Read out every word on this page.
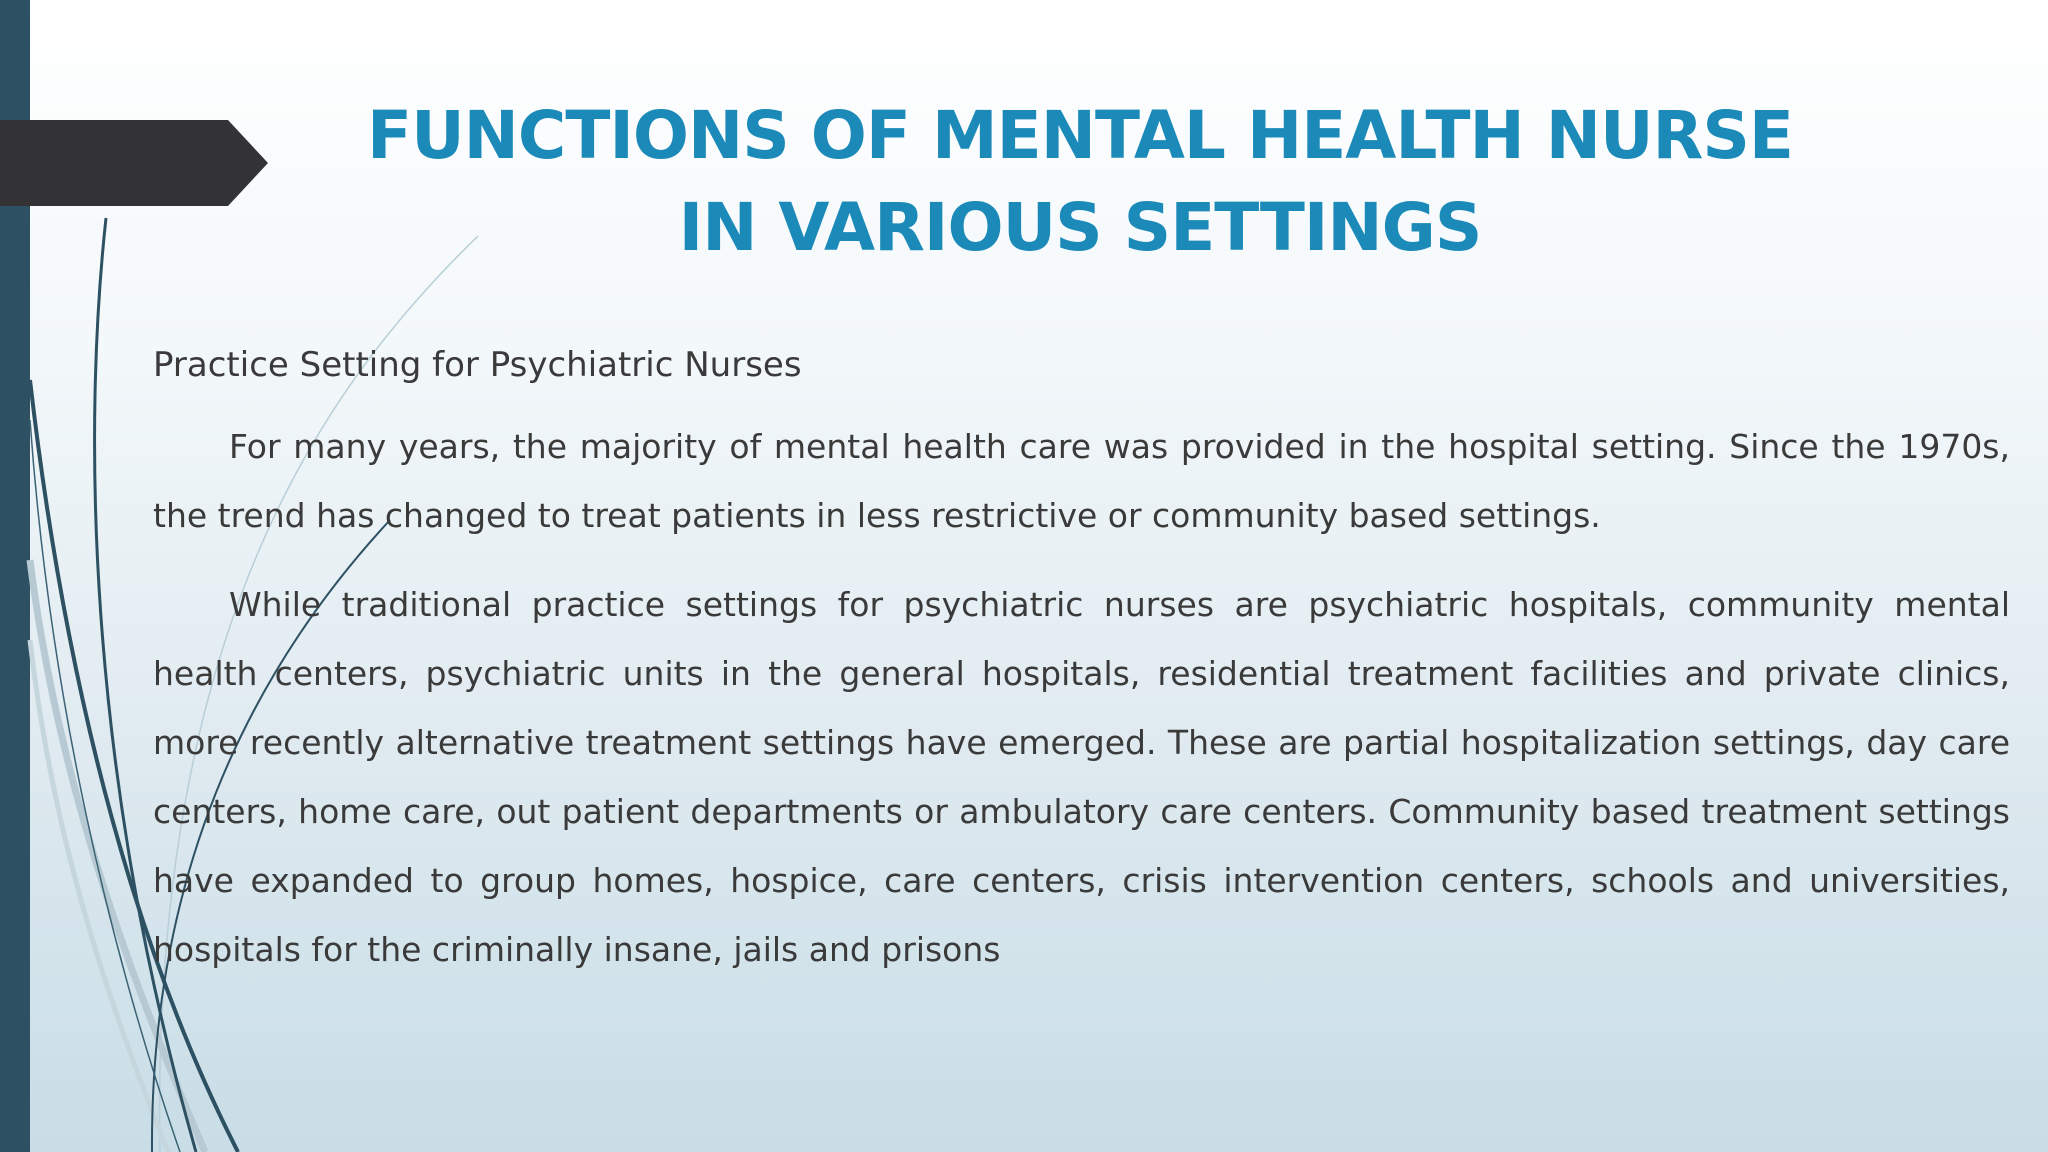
FUNCTIONS OF MENTAL HEALTH NURSE
IN VARIOUS SETTINGS
Practice Setting for Psychiatric Nurses

For many years, the majority of mental health care was provided in the hospital setting. Since the 1970s, the trend has changed to treat patients in less restrictive or community based settings.

While traditional practice settings for psychiatric nurses are psychiatric hospitals, community mental health centers, psychiatric units in the general hospitals, residential treatment facilities and private clinics, more recently alternative treatment settings have emerged. These are partial hospitalization settings, day care centers, home care, out patient departments or ambulatory care centers. Community based treatment settings have expanded to group homes, hospice, care centers, crisis intervention centers, schools and universities, hospitals for the criminally insane, jails and prisons
